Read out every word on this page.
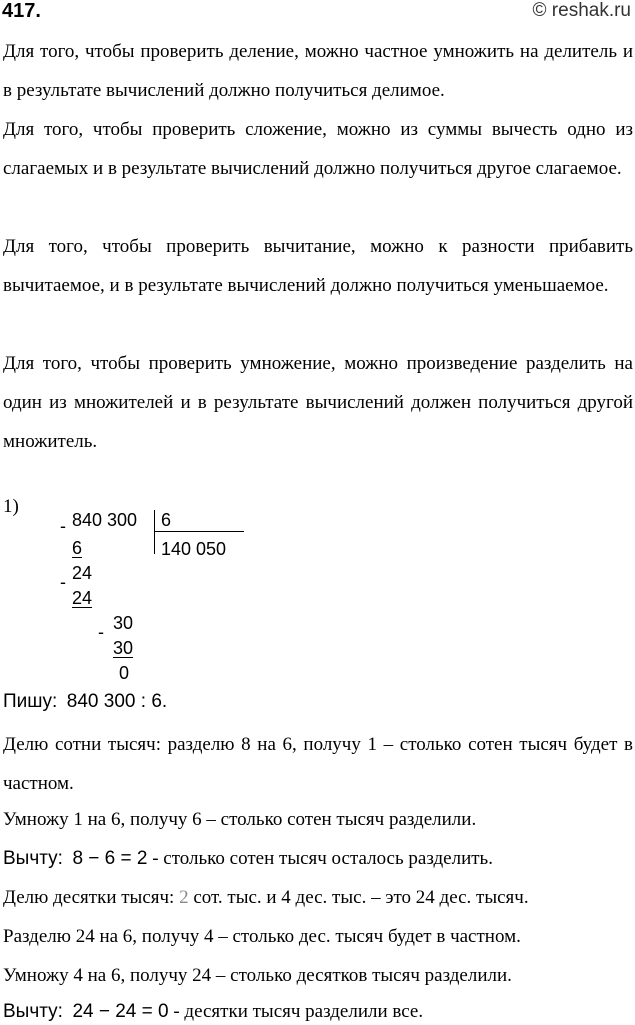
417.	© reshak.ru

Для того, чтобы проверить деление, можно частное умножить на делитель и в результате вычислений должно получиться делимое.

Для того, чтобы проверить сложение, можно из суммы вычесть одно из слагаемых и в результате вычислений должно получиться другое слагаемое.

Для того, чтобы проверить вычитание, можно к разности прибавить вычитаемое, и в результате вычислений должно получиться уменьшаемое.

Для того, чтобы проверить умножение, можно произведение разделить на один из множителей и в результате вычислений должен получиться другой множитель.

1)
- 840 300 6
140 050
6
- 24
24
- 30
30
0
Пишу: 840 300 : 6.

Делю сотни тысяч: разделю 8 на 6, получу 1 – столько сотен тысяч будет в частном.

Умножу 1 на 6, получу 6 – столько сотен тысяч разделили.
Вычту: 8 − 6 = 2 - столько сотен тысяч осталось разделить.
Делю десятки тысяч: 2 сот. тыс. и 4 дес. тыс. – это 24 дес. тысяч.
Разделю 24 на 6, получу 4 – столько дес. тысяч будет в частном.
Умножу 4 на 6, получу 24 – столько десятков тысяч разделили.
Вычту: 24 − 24 = 0 - десятки тысяч разделили все.
